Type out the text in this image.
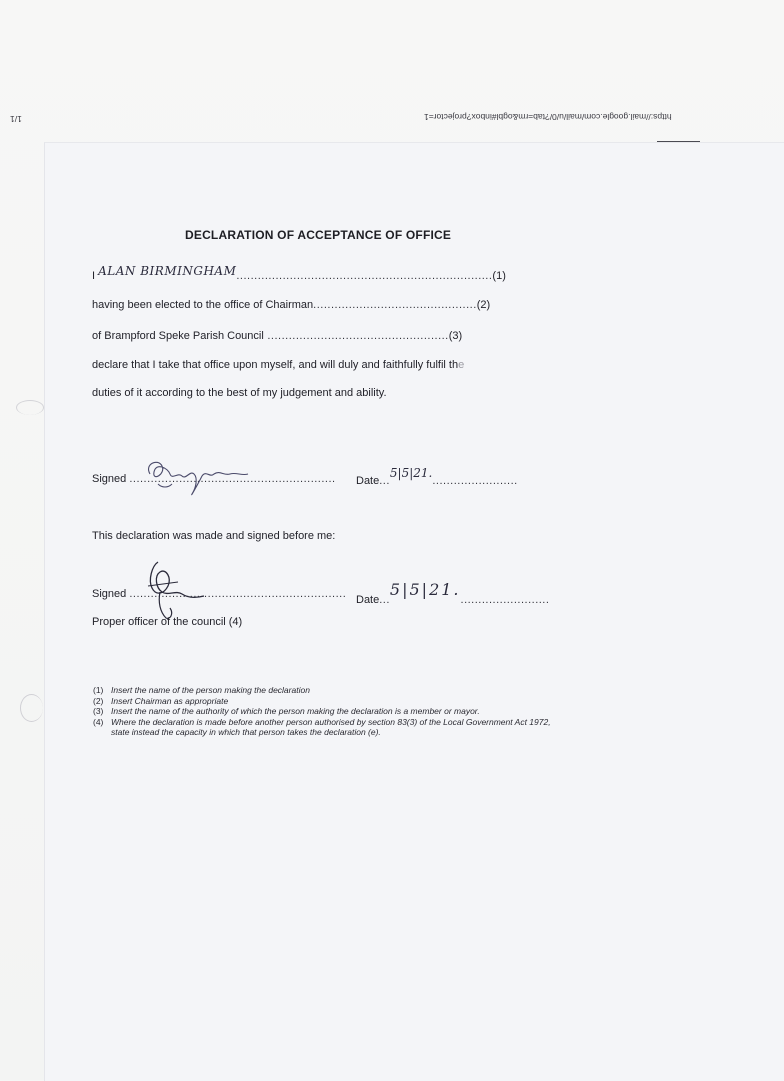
https://mail.google.com/mail/u/0/?tab=rm&ogbl#inbox?projector=1
1/1
DECLARATION OF ACCEPTANCE OF OFFICE
I ALAN BIRMINGHAM........................................................................(1)
having been elected to the office of Chairman..............................................(2)
of Brampford Speke Parish Council ...................................................(3)
declare that I take that office upon myself, and will duly and faithfully fulfil the
duties of it according to the best of my judgement and ability.
Signed .......................................................... Date...5|5|21.........................
This declaration was made and signed before me:
Signed ............................................................. Date...5|5|21..........................
Proper officer of the council (4)
(1) Insert the name of the person making the declaration
(2) Insert Chairman as appropriate
(3) Insert the name of the authority of which the person making the declaration is a member or mayor.
(4) Where the declaration is made before another person authorised by section 83(3) of the Local Government Act 1972, state instead the capacity in which that person takes the declaration (e).
